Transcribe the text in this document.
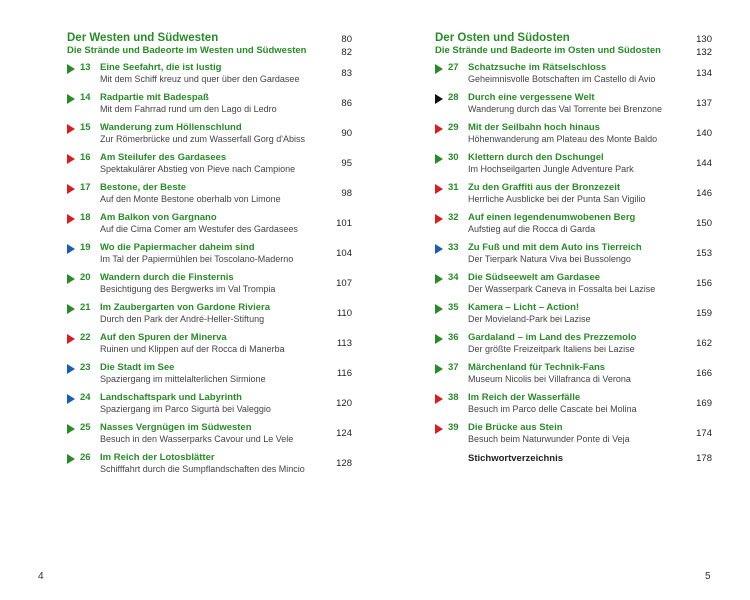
Der Westen und Südwesten	80
Die Strände und Badeorte im Westen und Südwesten	82
13 Eine Seefahrt, die ist lustig
Mit dem Schiff kreuz und quer über den Gardasee	83
14 Radpartie mit Badespaß
Mit dem Fahrrad rund um den Lago di Ledro	86
15 Wanderung zum Höllenschlund
Zur Römerbrücke und zum Wasserfall Gorg d'Abiss	90
16 Am Steilufer des Gardasees
Spektakulärer Abstieg von Pieve nach Campione	95
17 Bestone, der Beste
Auf den Monte Bestone oberhalb von Limone	98
18 Am Balkon von Gargnano
Auf die Cima Comer am Westufer des Gardasees	101
19 Wo die Papiermacher daheim sind
Im Tal der Papiermühlen bei Toscolano-Maderno	104
20 Wandern durch die Finsternis
Besichtigung des Bergwerks im Val Trompia	107
21 Im Zaubergarten von Gardone Riviera
Durch den Park der André-Heller-Stiftung	110
22 Auf den Spuren der Minerva
Ruinen und Klippen auf der Rocca di Manerba	113
23 Die Stadt im See
Spaziergang im mittelalterlichen Sirmione	116
24 Landschaftspark und Labyrinth
Spaziergang im Parco Sigurtà bei Valeggio	120
25 Nasses Vergnügen im Südwesten
Besuch in den Wasserparks Cavour und Le Vele	124
26 Im Reich der Lotosblätter
Schifffahrt durch die Sumpflandschaften des Mincio	128
Der Osten und Südosten	130
Die Strände und Badeorte im Osten und Südosten	132
27 Schatzsuche im Rätselschloss
Geheimnisvolle Botschaften im Castello di Avio	134
28 Durch eine vergessene Welt
Wanderung durch das Val Torrente bei Brenzone	137
29 Mit der Seilbahn hoch hinaus
Höhenwanderung am Plateau des Monte Baldo	140
30 Klettern durch den Dschungel
Im Hochseilgarten Jungle Adventure Park	144
31 Zu den Graffiti aus der Bronzezeit
Herrliche Ausblicke bei der Punta San Vigilio	146
32 Auf einen legendenumwobenen Berg
Aufstieg auf die Rocca di Garda	150
33 Zu Fuß und mit dem Auto ins Tierreich
Der Tierpark Natura Viva bei Bussolengo	153
34 Die Südseewelt am Gardasee
Der Wasserpark Caneva in Fossalta bei Lazise	156
35 Kamera – Licht – Action!
Der Movieland-Park bei Lazise	159
36 Gardaland – im Land des Prezzemolo
Der größte Freizeitpark Italiens bei Lazise	162
37 Märchenland für Technik-Fans
Museum Nicolis bei Villafranca di Verona	166
38 Im Reich der Wasserfälle
Besuch im Parco delle Cascate bei Molina	169
39 Die Brücke aus Stein
Besuch beim Naturwunder Ponte di Veja	174
Stichwortverzeichnis	178
4	5
